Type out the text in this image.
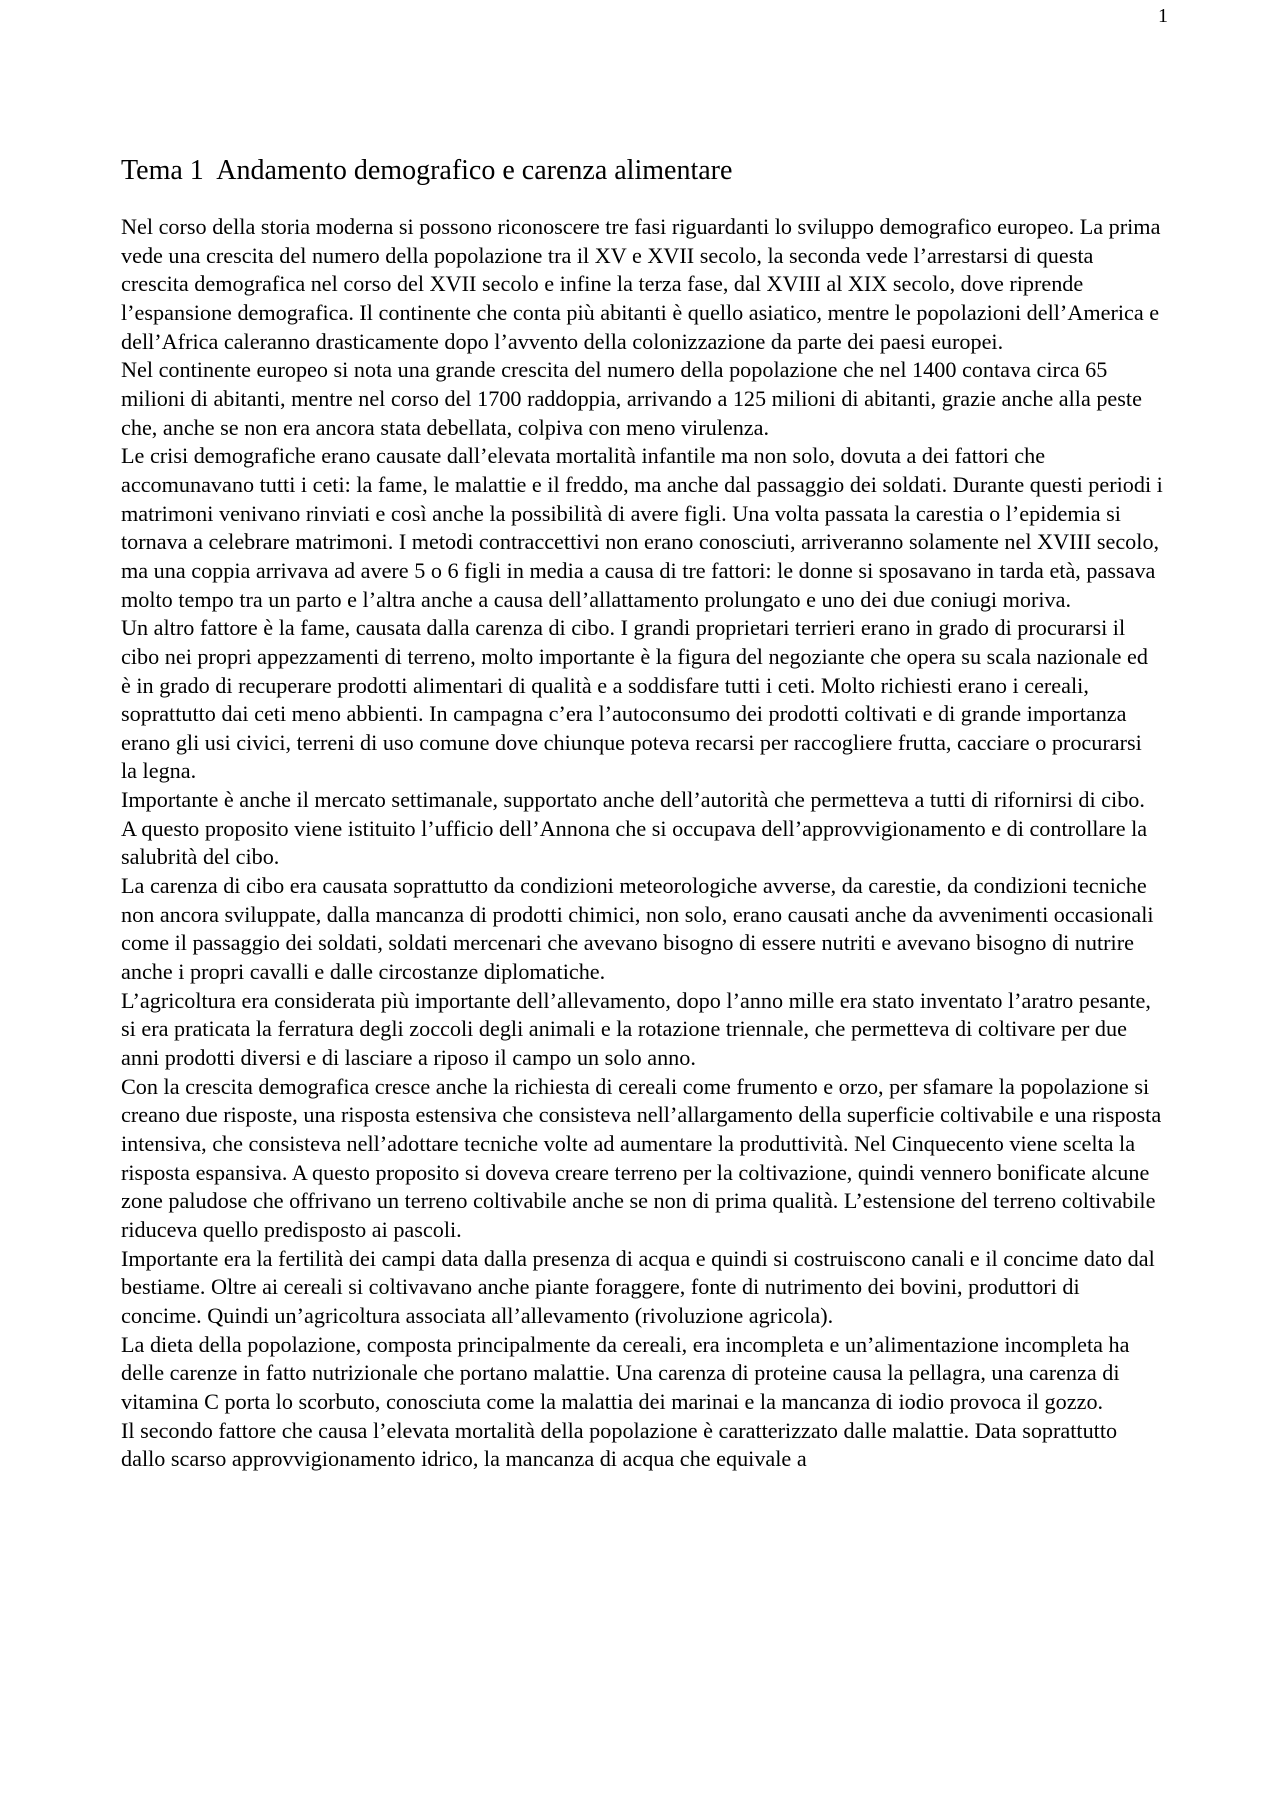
1
Tema 1  Andamento demografico e carenza alimentare

Nel corso della storia moderna si possono riconoscere tre fasi riguardanti lo sviluppo demografico europeo. La prima vede una crescita del numero della popolazione tra il XV e XVII secolo, la seconda vede l’arrestarsi di questa crescita demografica nel corso del XVII secolo e infine la terza fase, dal XVIII al XIX secolo, dove riprende l’espansione demografica. Il continente che conta più abitanti è quello asiatico, mentre le popolazioni dell’America e dell’Africa caleranno drasticamente dopo l’avvento della colonizzazione da parte dei paesi europei.

Nel continente europeo si nota una grande crescita del numero della popolazione che nel 1400 contava circa 65 milioni di abitanti, mentre nel corso del 1700 raddoppia, arrivando a 125 milioni di abitanti, grazie anche alla peste che, anche se non era ancora stata debellata, colpiva con meno virulenza.

Le crisi demografiche erano causate dall’elevata mortalità infantile ma non solo, dovuta a dei fattori che accomunavano tutti i ceti: la fame, le malattie e il freddo, ma anche dal passaggio dei soldati. Durante questi periodi i matrimoni venivano rinviati e così anche la possibilità di avere figli. Una volta passata la carestia o l’epidemia si tornava a celebrare matrimoni. I metodi contraccettivi non erano conosciuti, arriveranno solamente nel XVIII secolo, ma una coppia arrivava ad avere 5 o 6 figli in media a causa di tre fattori: le donne si sposavano in tarda età, passava molto tempo tra un parto e l’altra anche a causa dell’allattamento prolungato e uno dei due coniugi moriva.

Un altro fattore è la fame, causata dalla carenza di cibo. I grandi proprietari terrieri erano in grado di procurarsi il cibo nei propri appezzamenti di terreno, molto importante è la figura del negoziante che opera su scala nazionale ed è in grado di recuperare prodotti alimentari di qualità e a soddisfare tutti i ceti. Molto richiesti erano i cereali, soprattutto dai ceti meno abbienti. In campagna c’era l’autoconsumo dei prodotti coltivati e di grande importanza erano gli usi civici, terreni di uso comune dove chiunque poteva recarsi per raccogliere frutta, cacciare o procurarsi la legna.

Importante è anche il mercato settimanale, supportato anche dell’autorità che permetteva a tutti di rifornirsi di cibo. A questo proposito viene istituito l’ufficio dell’Annona che si occupava dell’approvvigionamento e di controllare la salubrità del cibo.

La carenza di cibo era causata soprattutto da condizioni meteorologiche avverse, da carestie, da condizioni tecniche non ancora sviluppate, dalla mancanza di prodotti chimici, non solo, erano causati anche da avvenimenti occasionali come il passaggio dei soldati, soldati mercenari che avevano bisogno di essere nutriti e avevano bisogno di nutrire anche i propri cavalli e dalle circostanze diplomatiche.

L’agricoltura era considerata più importante dell’allevamento, dopo l’anno mille era stato inventato l’aratro pesante, si era praticata la ferratura degli zoccoli degli animali e la rotazione triennale, che permetteva di coltivare per due anni prodotti diversi e di lasciare a riposo il campo un solo anno.

Con la crescita demografica cresce anche la richiesta di cereali come frumento e orzo, per sfamare la popolazione si creano due risposte, una risposta estensiva che consisteva nell’allargamento della superficie coltivabile e una risposta intensiva, che consisteva nell’adottare tecniche volte ad aumentare la produttività. Nel Cinquecento viene scelta la risposta espansiva. A questo proposito si doveva creare terreno per la coltivazione, quindi vennero bonificate alcune zone paludose che offrivano un terreno coltivabile anche se non di prima qualità. L’estensione del terreno coltivabile riduceva quello predisposto ai pascoli.

Importante era la fertilità dei campi data dalla presenza di acqua e quindi si costruiscono canali e il concime dato dal bestiame. Oltre ai cereali si coltivavano anche piante foraggere, fonte di nutrimento dei bovini, produttori di concime. Quindi un’agricoltura associata all’allevamento (rivoluzione agricola).

La dieta della popolazione, composta principalmente da cereali, era incompleta e un’alimentazione incompleta ha delle carenze in fatto nutrizionale che portano malattie. Una carenza di proteine causa la pellagra, una carenza di vitamina C porta lo scorbuto, conosciuta come la malattia dei marinai e la mancanza di iodio provoca il gozzo.

Il secondo fattore che causa l’elevata mortalità della popolazione è caratterizzato dalle malattie. Data soprattutto dallo scarso approvvigionamento idrico, la mancanza di acqua che equivale a
